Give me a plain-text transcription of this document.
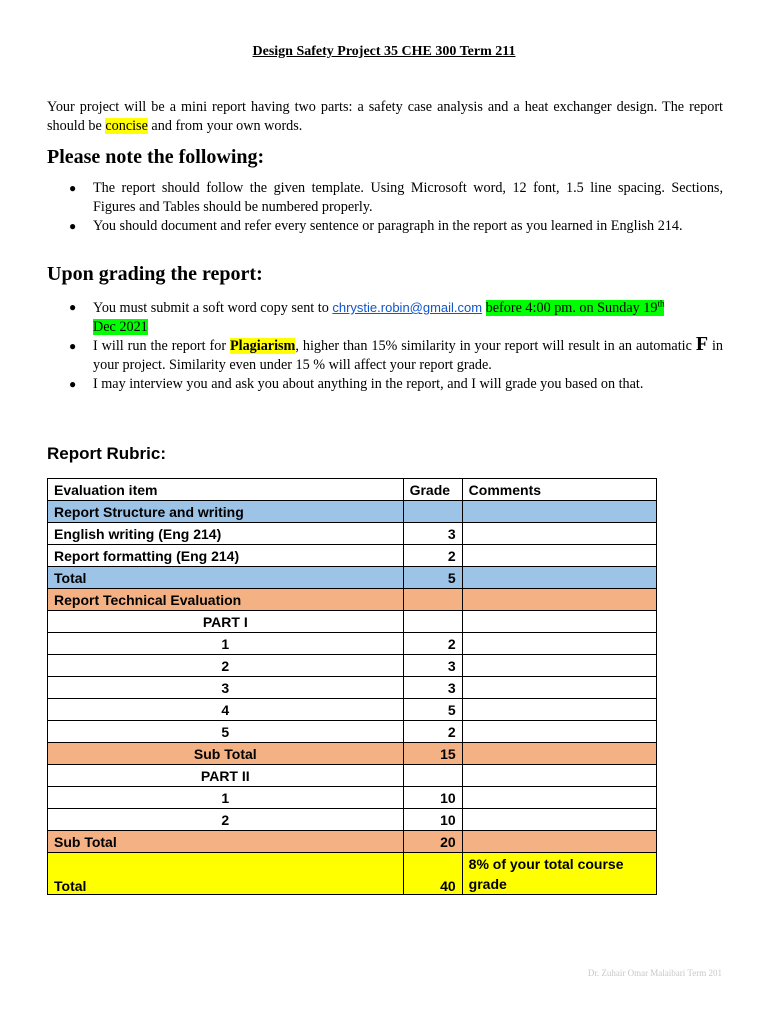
Design Safety Project 35 CHE 300 Term 211
Your project will be a mini report having two parts: a safety case analysis and a heat exchanger design. The report should be concise and from your own words.
Please note the following:
● The report should follow the given template. Using Microsoft word, 12 font, 1.5 line spacing. Sections, Figures and Tables should be numbered properly.
● You should document and refer every sentence or paragraph in the report as you learned in English 214.
Upon grading the report:
● You must submit a soft word copy sent to chrystie.robin@gmail.com before 4:00 pm. on Sunday 19th
Dec 2021
● I will run the report for Plagiarism, higher than 15% similarity in your report will result in an automatic F in your project. Similarity even under 15 % will affect your report grade.
● I may interview you and ask you about anything in the report, and I will grade you based on that.
Report Rubric:
Evaluation item	Grade	Comments
Report Structure and writing		
English writing (Eng 214)	3	
Report formatting (Eng 214)	2	
Total	5	
Report Technical Evaluation		
PART I		
1	2	
2	3	
3	3	
4	5	
5	2	
Sub Total	15	
PART II		
1	10	
2	10	
Sub Total	20	
Total	40	8% of your total course grade
Dr. Zuhair Omar Malaibari Term 201
